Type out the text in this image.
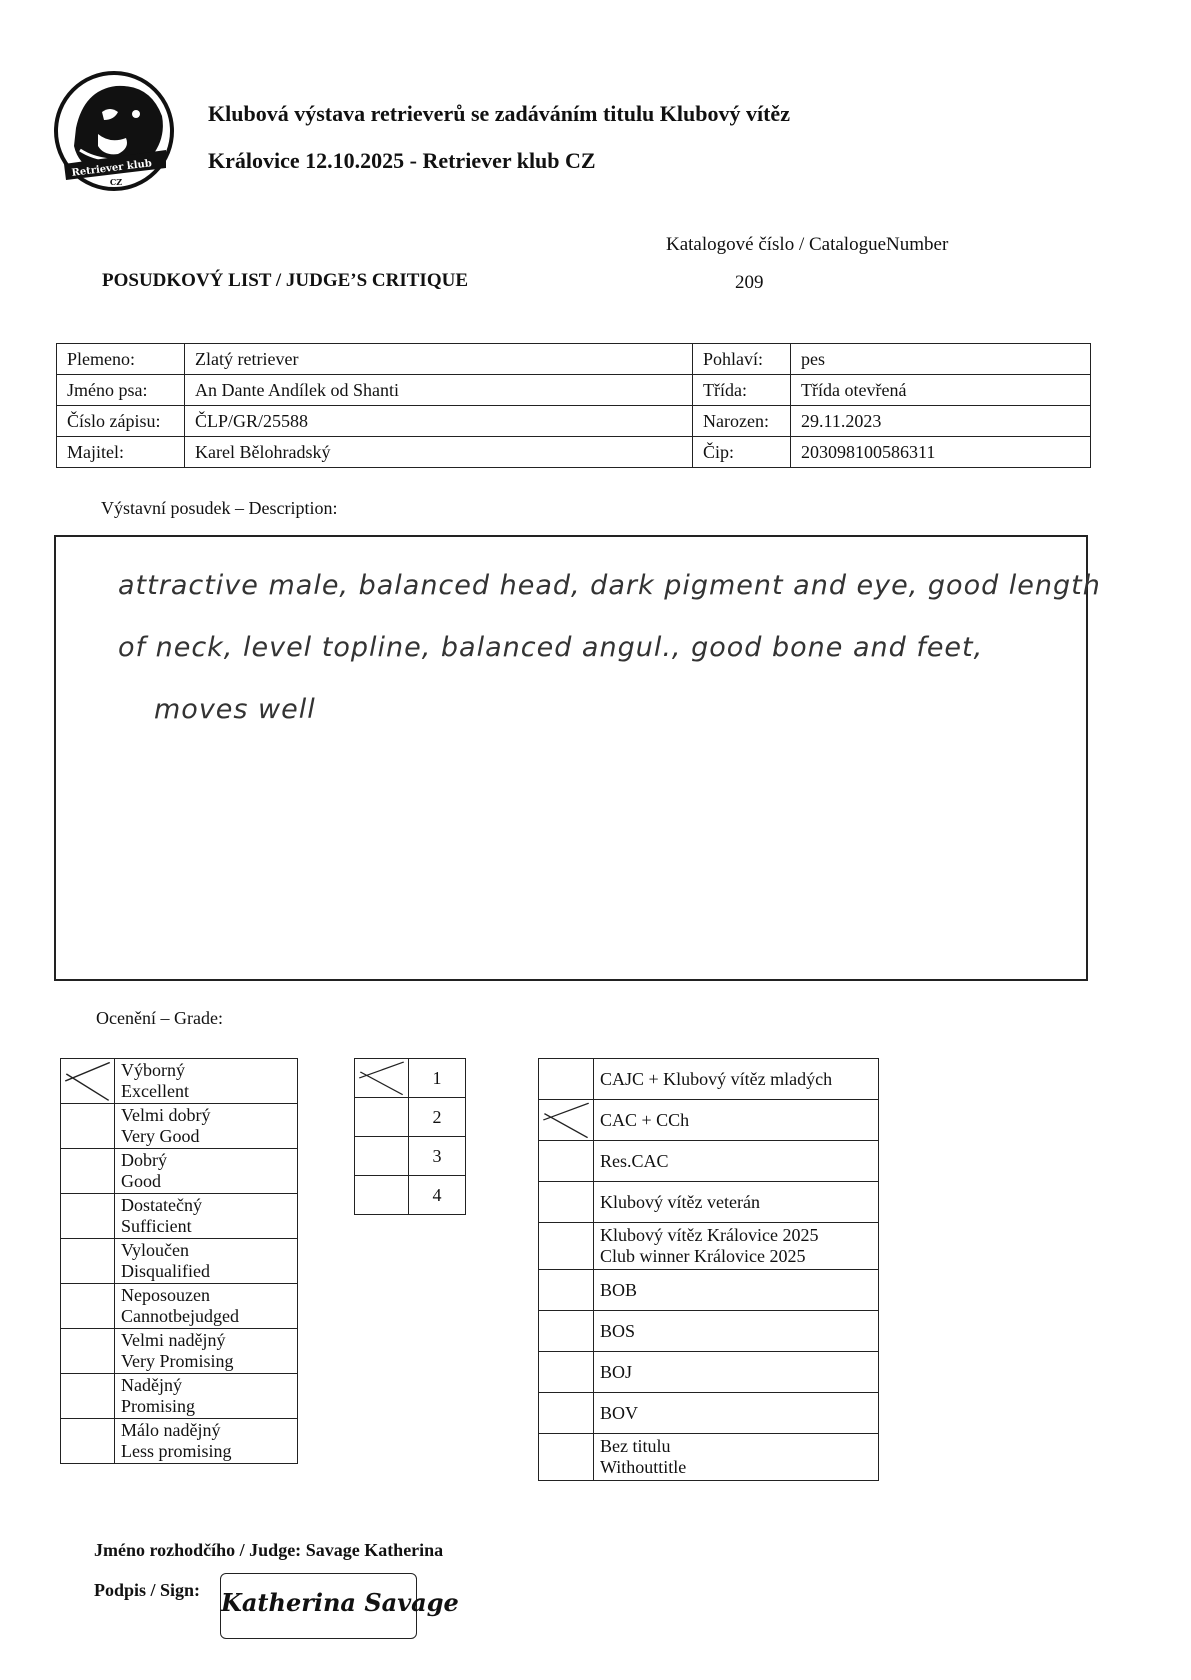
Retriever klub
CZ
Klubová výstava retrieverů se zadáváním titulu Klubový vítěz
Královice 12.10.2025 - Retriever klub CZ
Katalogové číslo / CatalogueNumber
209
POSUDKOVÝ LIST / JUDGE’S CRITIQUE
Plemeno:	Zlatý retriever	Pohlaví:	pes
Jméno psa:	An Dante Andílek od Shanti	Třída:	Třída otevřená
Číslo zápisu:	ČLP/GR/25588	Narozen:	29.11.2023
Majitel:	Karel Bělohradský	Čip:	203098100586311
Výstavní posudek – Description:
attractive male, balanced head, dark pigment and eye, good length
of neck, level topline, balanced angul., good bone and feet,
moves well
Ocenění – Grade:

Výborný
Excellent

	Velmi dobrý
Very Good

	Dobrý
Good

	Dostatečný
Sufficient

	Vyloučen
Disqualified

	Neposouzen
Cannotbejudged

	Velmi nadějný
Very Promising

	Nadějný
Promising

	Málo nadějný
Less promising
	1
	2
	3
	4

	CAJC + Klubový vítěz mladých

CAC + CCh

	Res.CAC

	Klubový vítěz veterán

	Klubový vítěz Královice 2025
Club winner Královice 2025

	BOB

	BOS

	BOJ

	BOV

	Bez titulu
Withouttitle
Jméno rozhodčího / Judge: Savage Katherina
Podpis / Sign: Katherina Savage
